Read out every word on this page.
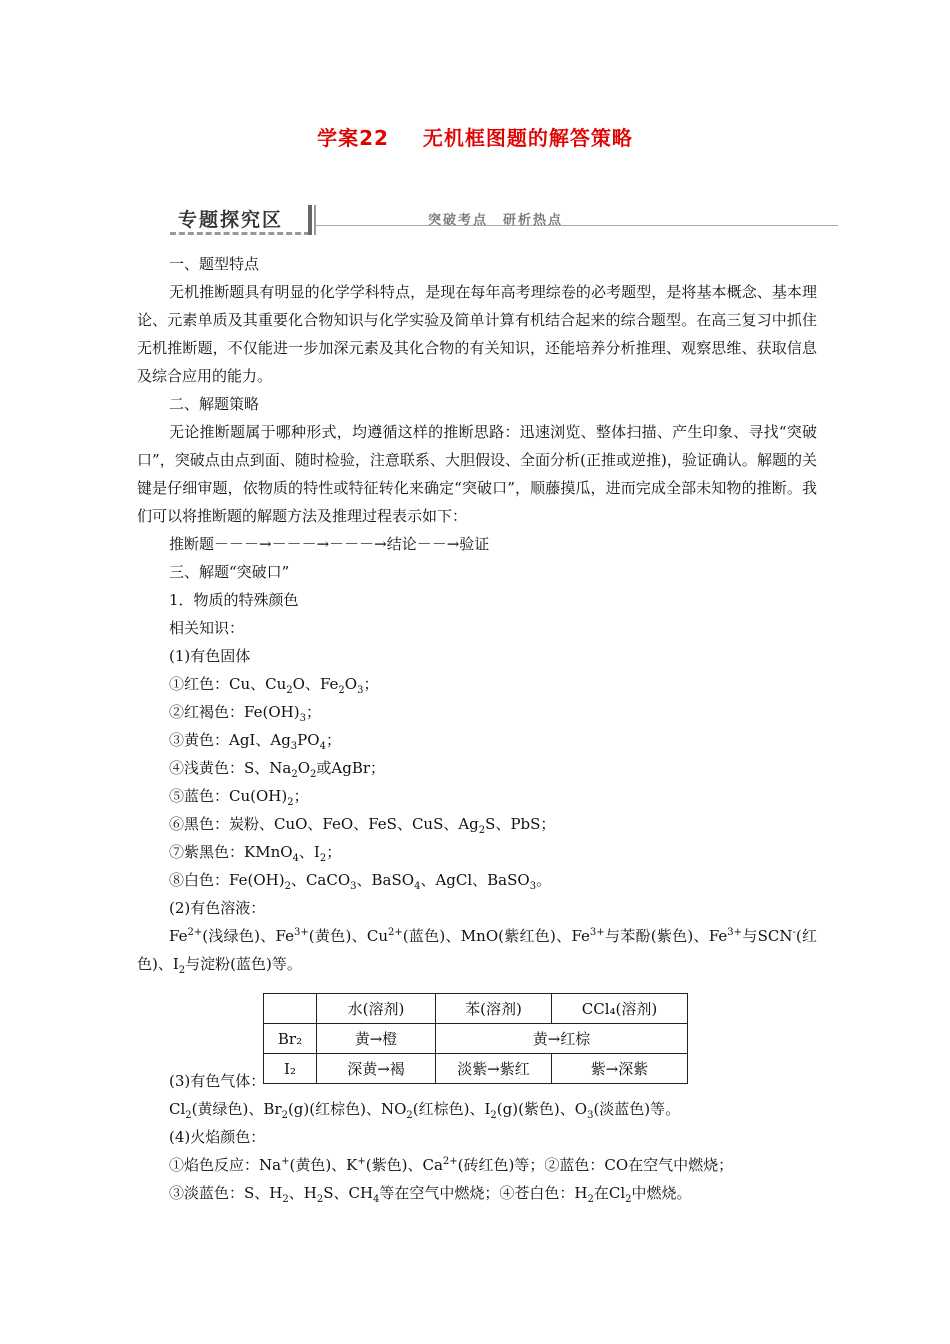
学案22 无机框图题的解答策略
专题探究区	突破考点　研析热点

一、题型特点

无机推断题具有明显的化学学科特点，是现在每年高考理综卷的必考题型，是将基本概念、基本理论、元素单质及其重要化合物知识与化学实验及简单计算有机结合起来的综合题型。在高三复习中抓住无机推断题，不仅能进一步加深元素及其化合物的有关知识，还能培养分析推理、观察思维、获取信息及综合应用的能力。

二、解题策略

无论推断题属于哪种形式，均遵循这样的推断思路：迅速浏览、整体扫描、产生印象、寻找“突破口”，突破点由点到面、随时检验，注意联系、大胆假设、全面分析(正推或逆推)，验证确认。解题的关键是仔细审题，依物质的特性或特征转化来确定“突破口”，顺藤摸瓜，进而完成全部未知物的推断。我们可以将推断题的解题方法及推理过程表示如下：

推断题－－－→－－－→－－－→结论－－→验证

三、解题“突破口”

1．物质的特殊颜色

相关知识：

(1)有色固体

①红色：Cu、$Cu_2O$、$Fe_2O_3$；

②红褐色：$Fe(OH)_3$；

③黄色：AgI、$Ag_3PO_4$；

④浅黄色：S、$Na_2O_2$或AgBr；

⑤蓝色：$Cu(OH)_2$；

⑥黑色：炭粉、CuO、FeO、FeS、CuS、$Ag_2S$、PbS；

⑦紫黑色：KMnO$_4$、$I_2$；

⑧白色：$Fe(OH)_2$、CaCO$_3$、BaSO$_4$、AgCl、BaSO$_3$。

(2)有色溶液：

$Fe^{2+}$(浅绿色)、$Fe^{3+}$(黄色)、$Cu^{2+}$(蓝色)、MnO(紫红色)、$Fe^{3+}$与苯酚(紫色)、$Fe^{3+}$与SCN-(红色)、$I_2$与淀粉(蓝色)等。

	水(溶剂)	苯(溶剂)	CCl₄(溶剂)
Br₂	黄→橙	黄→红棕	
I₂	深黄→褐	淡紫→紫红	紫→深紫

(3)有色气体：

$Cl_2$(黄绿色)、$Br_2(g)$(红棕色)、$NO_2$(红棕色)、$I_2(g)$(紫色)、$O_3$(淡蓝色)等。

(4)火焰颜色：

①焰色反应：Na+(黄色)、K+(紫色)、$Ca^{2+}$(砖红色)等；②蓝色：CO在空气中燃烧；

③淡蓝色：S、$H_2$、$H_2S$、$CH_4$等在空气中燃烧；④苍白色：$H_2$在$Cl_2$中燃烧。
